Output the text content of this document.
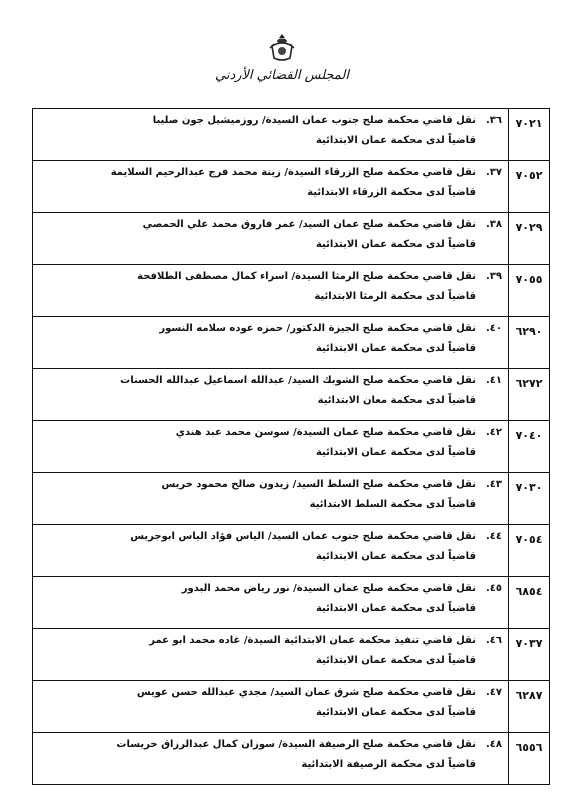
المجلس القضائي الأردني
٧٠٢١	٣٦.
نقل قاضي محكمة صلح جنوب عمان السيدة/ روزميشيل جون صليبا
قاضياً لدى محكمة عمان الابتدائية

٧٠٥٢	٣٧.
نقل قاضي محكمة صلح الزرقاء السيدة/ زينة محمد فرج عبدالرحيم السلايمة
قاضياً لدى محكمة الزرقاء الابتدائية

٧٠٢٩	٣٨.
نقل قاضي محكمة صلح عمان السيد/ عمر فاروق محمد علي الحمصي
قاضياً لدى محكمة عمان الابتدائية

٧٠٥٥	٣٩.
نقل قاضي محكمة صلح الرمثا السيدة/ اسراء كمال مصطفى الطلافحة
قاضياً لدى محكمة الرمثا الابتدائية

٦٢٩٠	٤٠.
نقل قاضي محكمة صلح الجيزة الدكتور/ حمزه عوده سلامه النسور
قاضياً لدى محكمة عمان الابتدائية

٦٢٧٢	٤١.
نقل قاضي محكمة صلح الشوبك السيد/ عبدالله اسماعيل عبدالله الحسنات
قاضياً لدى محكمة معان الابتدائية

٧٠٤٠	٤٢.
نقل قاضي محكمة صلح عمان السيدة/ سوسن محمد عبد هندي
قاضياً لدى محكمة عمان الابتدائية

٧٠٣٠	٤٣.
نقل قاضي محكمة صلح السلط السيد/ زيدون صالح محمود خريس
قاضياً لدى محكمة السلط الابتدائية

٧٠٥٤	٤٤.
نقل قاضي محكمة صلح جنوب عمان السيد/ الياس فؤاد الياس ابوجريس
قاضياً لدى محكمة عمان الابتدائية

٦٨٥٤	٤٥.
نقل قاضي محكمة صلح عمان السيدة/ نور رياض محمد البدور
قاضياً لدى محكمة عمان الابتدائية

٧٠٣٧	٤٦.
نقل قاضي تنفيذ محكمة عمان الابتدائية السيدة/ غاده محمد ابو عمر
قاضياً لدى محكمة عمان الابتدائية

٦٢٨٧	٤٧.
نقل قاضي محكمة صلح شرق عمان السيد/ مجدي عبدالله حسن عويس
قاضياً لدى محكمة عمان الابتدائية

٦٥٥٦	٤٨.
نقل قاضي محكمة صلح الرصيفة السيدة/ سوزان كمال عبدالرزاق خريسات
قاضياً لدى محكمة الرصيفة الابتدائية
